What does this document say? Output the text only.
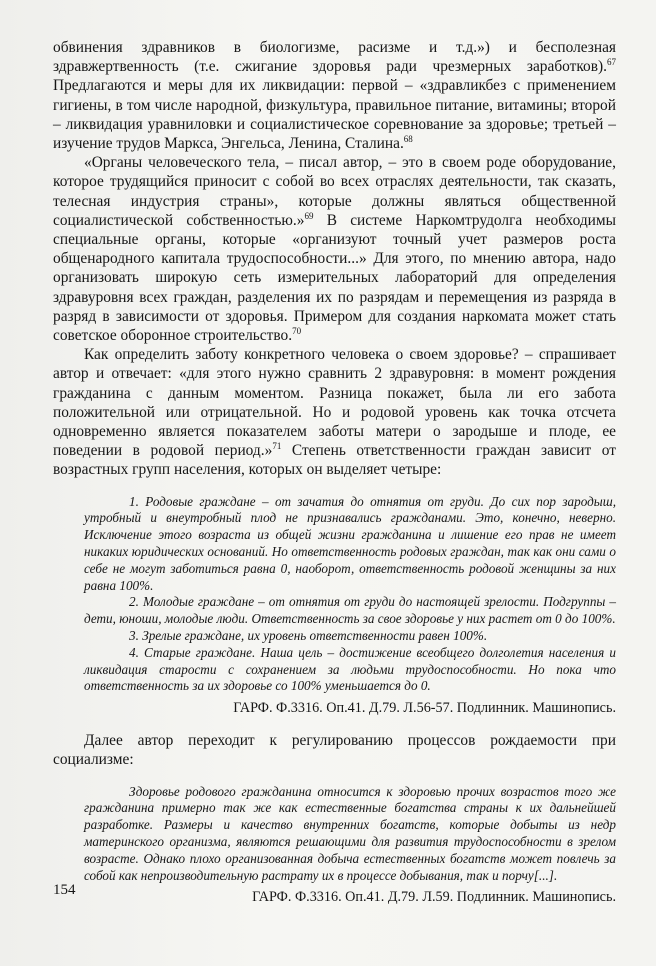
обвинения здравников в биологизме, расизме и т.д.») и бесполезная здравжертвенность (т.е. сжигание здоровья ради чрезмерных заработков).$^{67}$ Предлагаются и меры для их ликвидации: первой – «здравликбез с применением гигиены, в том числе народной, физкультура, правильное питание, витамины; второй – ликвидация уравниловки и социалистическое соревнование за здоровье; третьей – изучение трудов Маркса, Энгельса, Ленина, Сталина.$^{68}$

«Органы человеческого тела, – писал автор, – это в своем роде оборудование, которое трудящийся приносит с собой во всех отраслях деятельности, так сказать, телесная индустрия страны», которые должны являться общественной социалистической собственностью.»$^{69}$ В системе Наркомтрудолга необходимы специальные органы, которые «организуют точный учет размеров роста общенародного капитала трудоспособности...» Для этого, по мнению автора, надо организовать широкую сеть измерительных лабораторий для определения здравуровня всех граждан, разделения их по разрядам и перемещения из разряда в разряд в зависимости от здоровья. Примером для создания наркомата может стать советское оборонное строительство.$^{70}$

Как определить заботу конкретного человека о своем здоровье? – спрашивает автор и отвечает: «для этого нужно сравнить 2 здравуровня: в момент рождения гражданина с данным моментом. Разница покажет, была ли его забота положительной или отрицательной. Но и родовой уровень как точка отсчета одновременно является показателем заботы матери о зародыше и плоде, ее поведении в родовой период.»$^{71}$ Степень ответственности граждан зависит от возрастных групп населения, которых он выделяет четыре:

1. Родовые граждане – от зачатия до отнятия от груди. До сих пор зародыш, утробный и внеутробный плод не признавались гражданами. Это, конечно, неверно. Исключение этого возраста из общей жизни гражданина и лишение его прав не имеет никаких юридических оснований. Но ответственность родовых граждан, так как они сами о себе не могут заботиться равна 0, наоборот, ответственность родовой женщины за них равна 100%.

2. Молодые граждане – от отнятия от груди до настоящей зрелости. Подгруппы – дети, юноши, молодые люди. Ответственность за свое здоровье у них растет от 0 до 100%.

3. Зрелые граждане, их уровень ответственности равен 100%.

4. Старые граждане. Наша цель – достижение всеобщего долголетия населения и ликвидация старости с сохранением за людьми трудоспособности. Но пока что ответственность за их здоровье со 100% уменьшается до 0.

ГАРФ. Ф.3316. Оп.41. Д.79. Л.56-57. Подлинник. Машинопись.

Далее автор переходит к регулированию процессов рождаемости при социализме:

Здоровье родового гражданина относится к здоровью прочих возрастов того же гражданина примерно так же как естественные богатства страны к их дальнейшей разработке. Размеры и качество внутренних богатств, которые добыты из недр материнского организма, являются решающими для развития трудоспособности в зрелом возрасте. Однако плохо организованная добыча естественных богатств может повлечь за собой как непроизводительную растрату их в процессе добывания, так и порчу[...].

ГАРФ. Ф.3316. Оп.41. Д.79. Л.59. Подлинник. Машинопись.

154
